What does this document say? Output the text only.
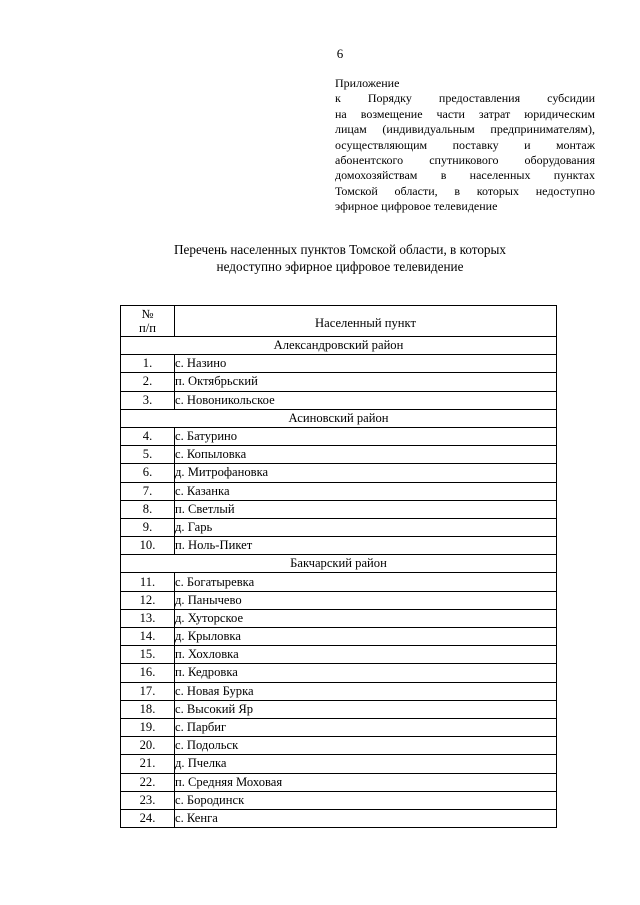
6
Приложение
к Порядку предоставления субсидии
на возмещение части затрат юридическим
лицам (индивидуальным предпринимателям),
осуществляющим поставку и монтаж
абонентского спутникового оборудования
домохозяйствам в населенных пунктах
Томской области, в которых недоступно
эфирное цифровое телевидение
Перечень населенных пунктов Томской области, в которых
недоступно эфирное цифровое телевидение
№
п/п	Населенный пункт

Александровский район	
1.	с. Назино
2.	п. Октябрьский
3.	с. Новоникольское
Асиновский район	
4.	с. Батурино
5.	с. Копыловка
6.	д. Митрофановка
7.	с. Казанка
8.	п. Светлый
9.	д. Гарь
10.	п. Ноль-Пикет
Бакчарский район	
11.	с. Богатыревка
12.	д. Панычево
13.	д. Хуторское
14.	д. Крыловка
15.	п. Хохловка
16.	п. Кедровка
17.	с. Новая Бурка
18.	с. Высокий Яр
19.	с. Парбиг
20.	с. Подольск
21.	д. Пчелка
22.	п. Средняя Моховая
23.	с. Бородинск
24.	с. Кенга
